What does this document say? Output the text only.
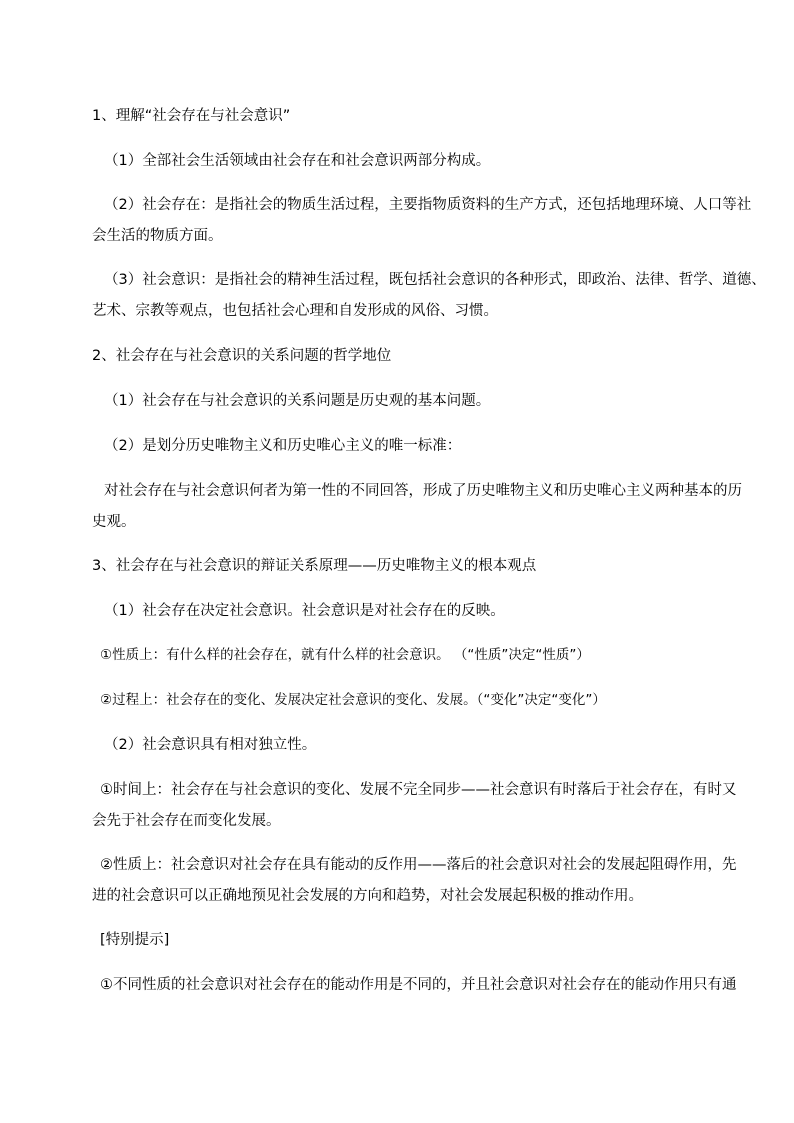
1、理解“社会存在与社会意识”
（1）全部社会生活领域由社会存在和社会意识两部分构成。
（2）社会存在：是指社会的物质生活过程，主要指物质资料的生产方式，还包括地理环境、人口等社
会生活的物质方面。
（3）社会意识：是指社会的精神生活过程，既包括社会意识的各种形式，即政治、法律、哲学、道德、
艺术、宗教等观点，也包括社会心理和自发形成的风俗、习惯。
2、社会存在与社会意识的关系问题的哲学地位
（1）社会存在与社会意识的关系问题是历史观的基本问题。
（2）是划分历史唯物主义和历史唯心主义的唯一标准：
对社会存在与社会意识何者为第一性的不同回答，形成了历史唯物主义和历史唯心主义两种基本的历
史观。
3、社会存在与社会意识的辩证关系原理——历史唯物主义的根本观点
（1）社会存在决定社会意识。社会意识是对社会存在的反映。
①性质上：有什么样的社会存在，就有什么样的社会意识。 （“性质”决定“性质”）
②过程上：社会存在的变化、发展决定社会意识的变化、发展。（“变化”决定“变化”）
（2）社会意识具有相对独立性。
①时间上：社会存在与社会意识的变化、发展不完全同步——社会意识有时落后于社会存在，有时又
会先于社会存在而变化发展。
②性质上：社会意识对社会存在具有能动的反作用——落后的社会意识对社会的发展起阻碍作用，先
进的社会意识可以正确地预见社会发展的方向和趋势，对社会发展起积极的推动作用。
[特别提示]
①不同性质的社会意识对社会存在的能动作用是不同的，并且社会意识对社会存在的能动作用只有通
